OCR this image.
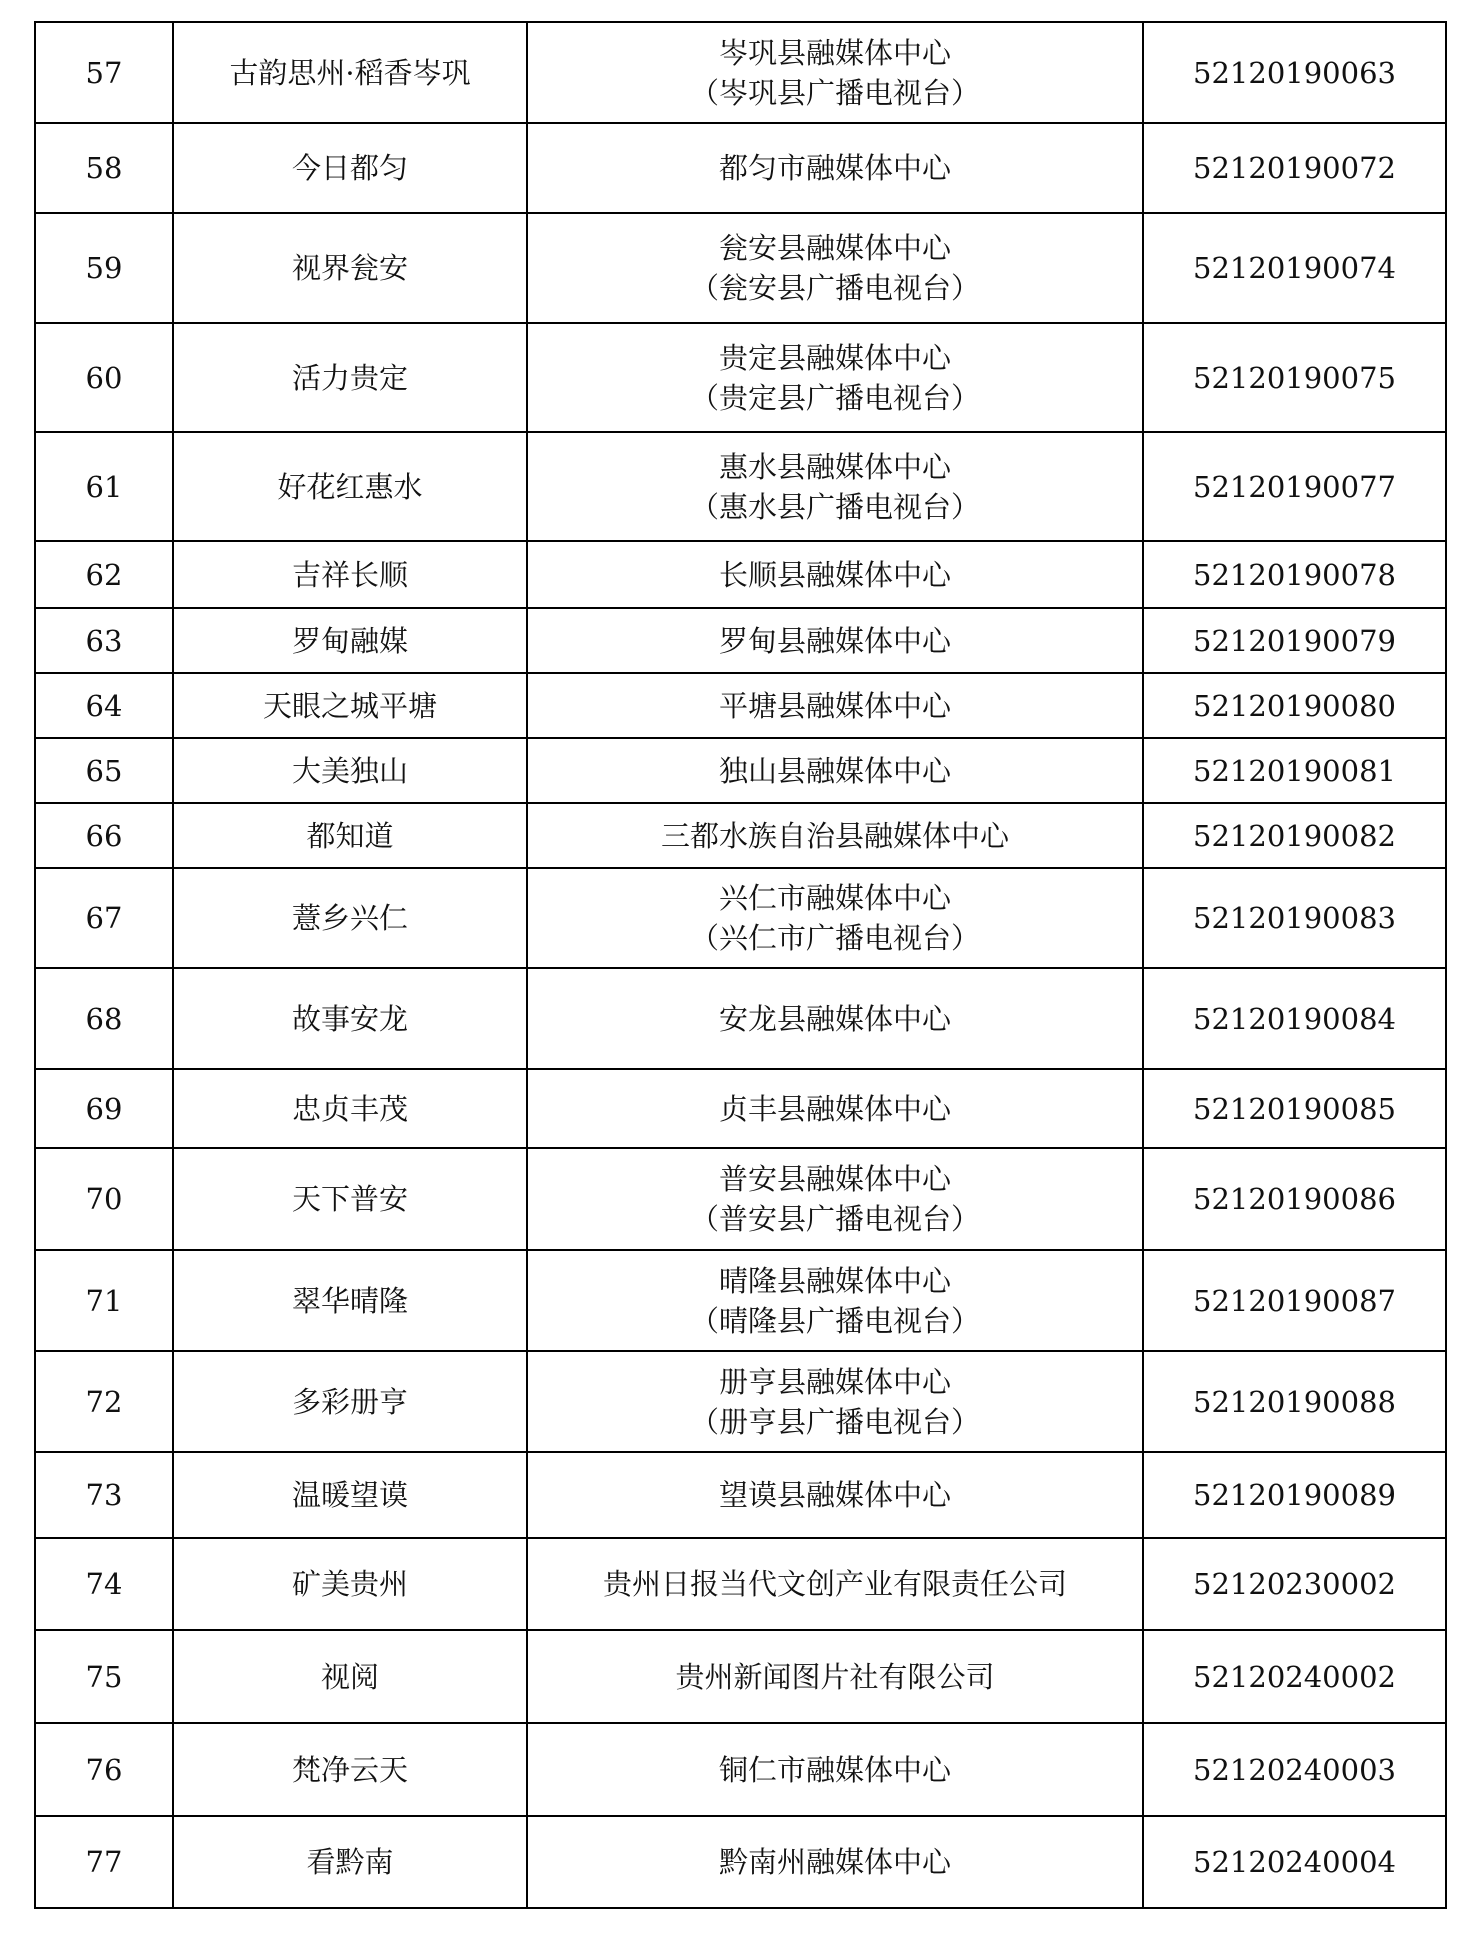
57	古韵思州·稻香岑巩	岑巩县融媒体中心
（岑巩县广播电视台）	52120190063
58	今日都匀	都匀市融媒体中心	52120190072
59	视界瓮安	瓮安县融媒体中心
（瓮安县广播电视台）	52120190074
60	活力贵定	贵定县融媒体中心
（贵定县广播电视台）	52120190075
61	好花红惠水	惠水县融媒体中心
（惠水县广播电视台）	52120190077
62	吉祥长顺	长顺县融媒体中心	52120190078
63	罗甸融媒	罗甸县融媒体中心	52120190079
64	天眼之城平塘	平塘县融媒体中心	52120190080
65	大美独山	独山县融媒体中心	52120190081
66	都知道	三都水族自治县融媒体中心	52120190082
67	薏乡兴仁	兴仁市融媒体中心
（兴仁市广播电视台）	52120190083
68	故事安龙	安龙县融媒体中心	52120190084
69	忠贞丰茂	贞丰县融媒体中心	52120190085
70	天下普安	普安县融媒体中心
（普安县广播电视台）	52120190086
71	翠华晴隆	晴隆县融媒体中心
（晴隆县广播电视台）	52120190087
72	多彩册亨	册亨县融媒体中心
（册亨县广播电视台）	52120190088
73	温暖望谟	望谟县融媒体中心	52120190089
74	矿美贵州	贵州日报当代文创产业有限责任公司	52120230002
75	视阅	贵州新闻图片社有限公司	52120240002
76	梵净云天	铜仁市融媒体中心	52120240003
77	看黔南	黔南州融媒体中心	52120240004
